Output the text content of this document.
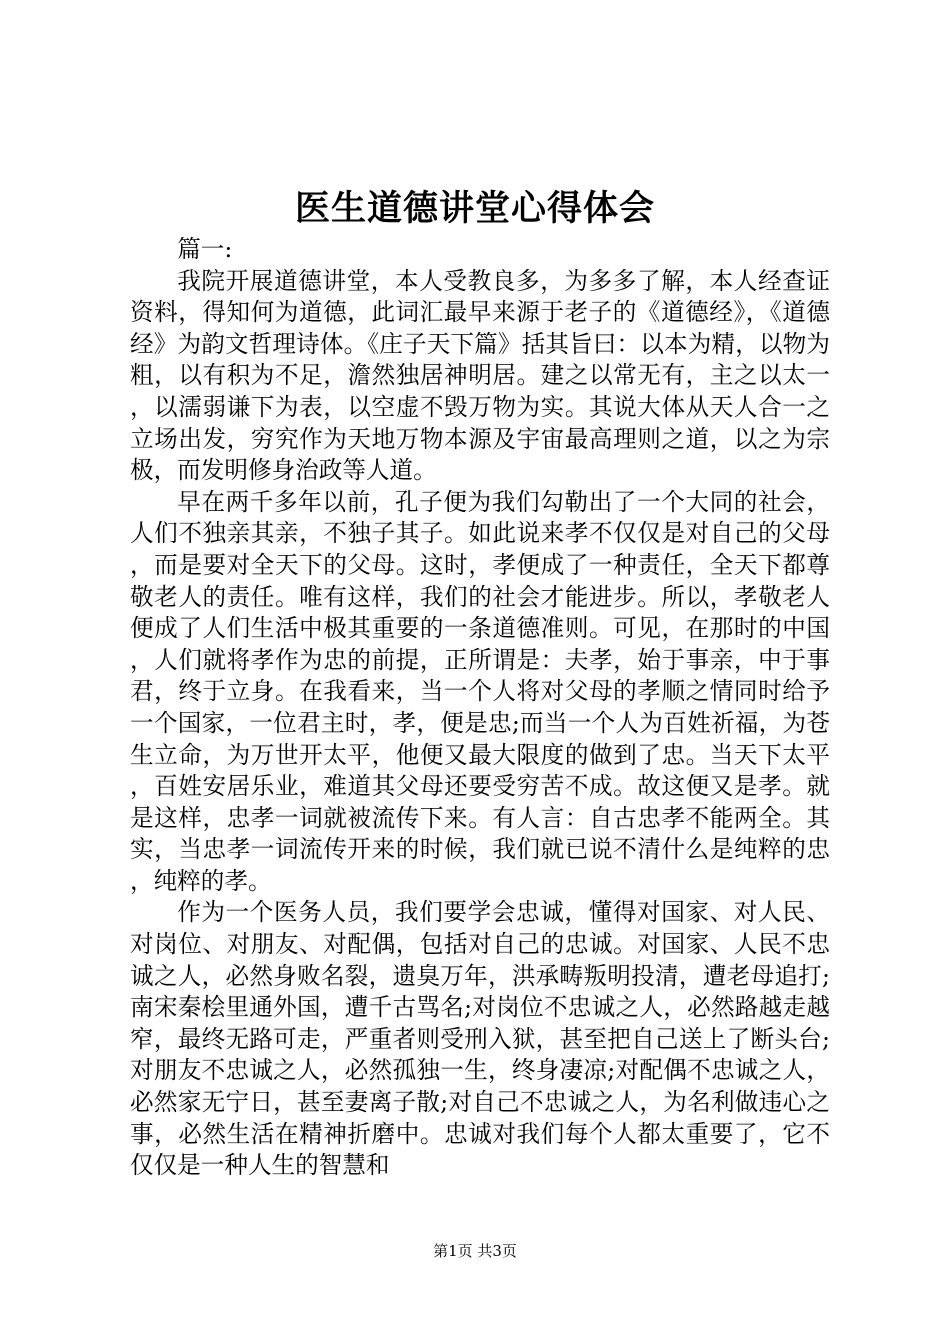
医生道德讲堂心得体会

篇一:

我院开展道德讲堂，本人受教良多，为多多了解，本人经查证资料，得知何为道德，此词汇最早来源于老子的《道德经》，《道德经》为韵文哲理诗体。《庄子天下篇》括其旨曰：以本为精，以物为粗，以有积为不足，澹然独居神明居。建之以常无有，主之以太一，以濡弱谦下为表，以空虚不毁万物为实。其说大体从天人合一之立场出发，穷究作为天地万物本源及宇宙最高理则之道，以之为宗极，而发明修身治政等人道。

早在两千多年以前，孔子便为我们勾勒出了一个大同的社会，人们不独亲其亲，不独子其子。如此说来孝不仅仅是对自己的父母，而是要对全天下的父母。这时，孝便成了一种责任，全天下都尊敬老人的责任。唯有这样，我们的社会才能进步。所以，孝敬老人便成了人们生活中极其重要的一条道德准则。可见，在那时的中国，人们就将孝作为忠的前提，正所谓是：夫孝，始于事亲，中于事君，终于立身。在我看来，当一个人将对父母的孝顺之情同时给予一个国家，一位君主时，孝，便是忠;而当一个人为百姓祈福，为苍生立命，为万世开太平，他便又最大限度的做到了忠。当天下太平，百姓安居乐业，难道其父母还要受穷苦不成。故这便又是孝。就是这样，忠孝一词就被流传下来。有人言：自古忠孝不能两全。其实，当忠孝一词流传开来的时候，我们就已说不清什么是纯粹的忠，纯粹的孝。

作为一个医务人员，我们要学会忠诚，懂得对国家、对人民、对岗位、对朋友、对配偶，包括对自己的忠诚。对国家、人民不忠诚之人，必然身败名裂，遗臭万年，洪承畴叛明投清，遭老母追打;南宋秦桧里通外国，遭千古骂名;对岗位不忠诚之人，必然路越走越窄，最终无路可走，严重者则受刑入狱，甚至把自己送上了断头台;对朋友不忠诚之人，必然孤独一生，终身凄凉;对配偶不忠诚之人，必然家无宁日，甚至妻离子散;对自己不忠诚之人，为名利做违心之事，必然生活在精神折磨中。忠诚对我们每个人都太重要了，它不仅仅是一种人生的智慧和

第1页 共3页
